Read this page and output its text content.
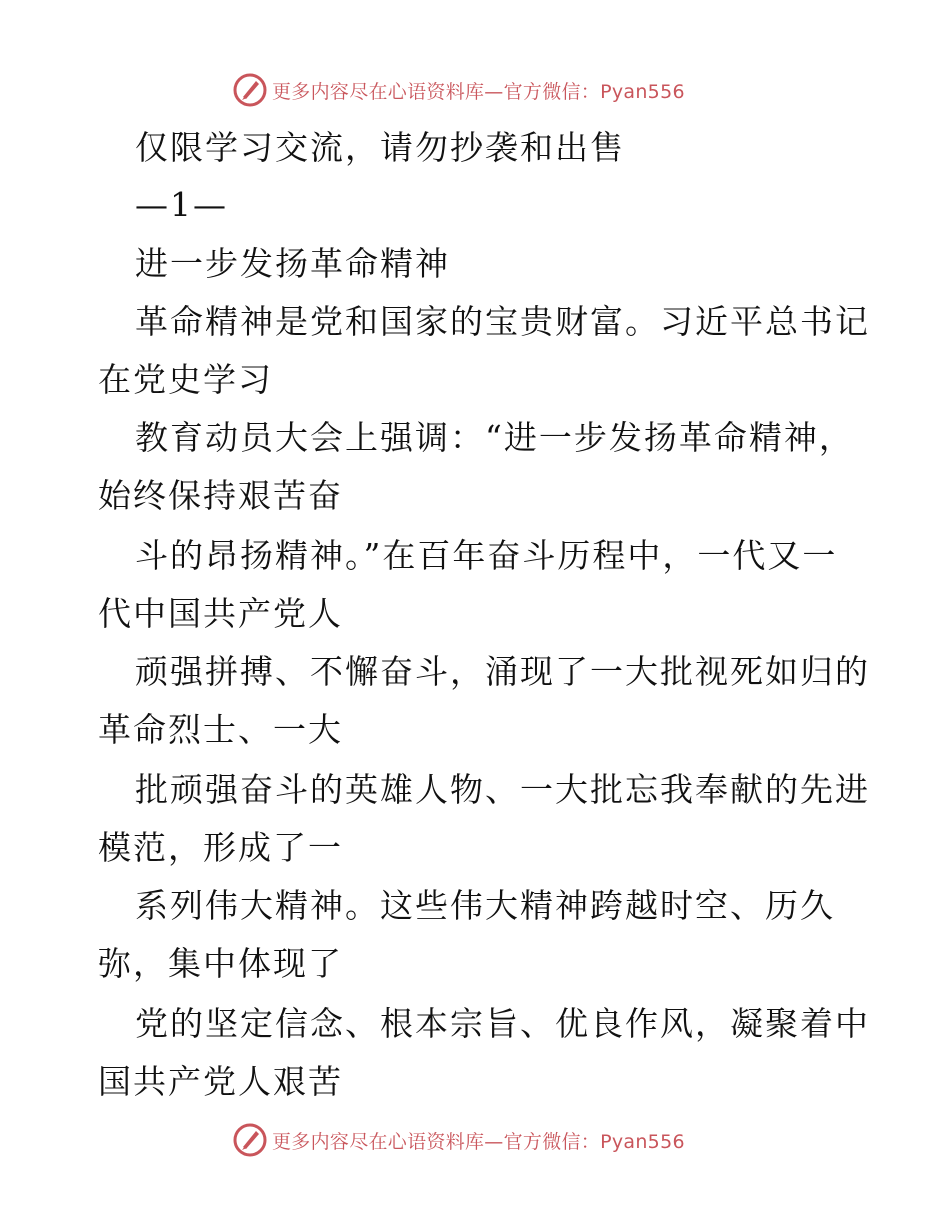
更多内容尽在心语资料库—官方微信：Pyan556
仅限学习交流，请勿抄袭和出售
—1—
进一步发扬革命精神
革命精神是党和国家的宝贵财富。习近平总书记
在党史学习
教育动员大会上强调：“进一步发扬革命精神，
始终保持艰苦奋
斗的昂扬精神。”在百年奋斗历程中，一代又一
代中国共产党人
顽强拼搏、不懈奋斗，涌现了一大批视死如归的
革命烈士、一大
批顽强奋斗的英雄人物、一大批忘我奉献的先进
模范，形成了一
系列伟大精神。这些伟大精神跨越时空、历久
弥，集中体现了
党的坚定信念、根本宗旨、优良作风，凝聚着中
国共产党人艰苦
更多内容尽在心语资料库—官方微信：Pyan556
